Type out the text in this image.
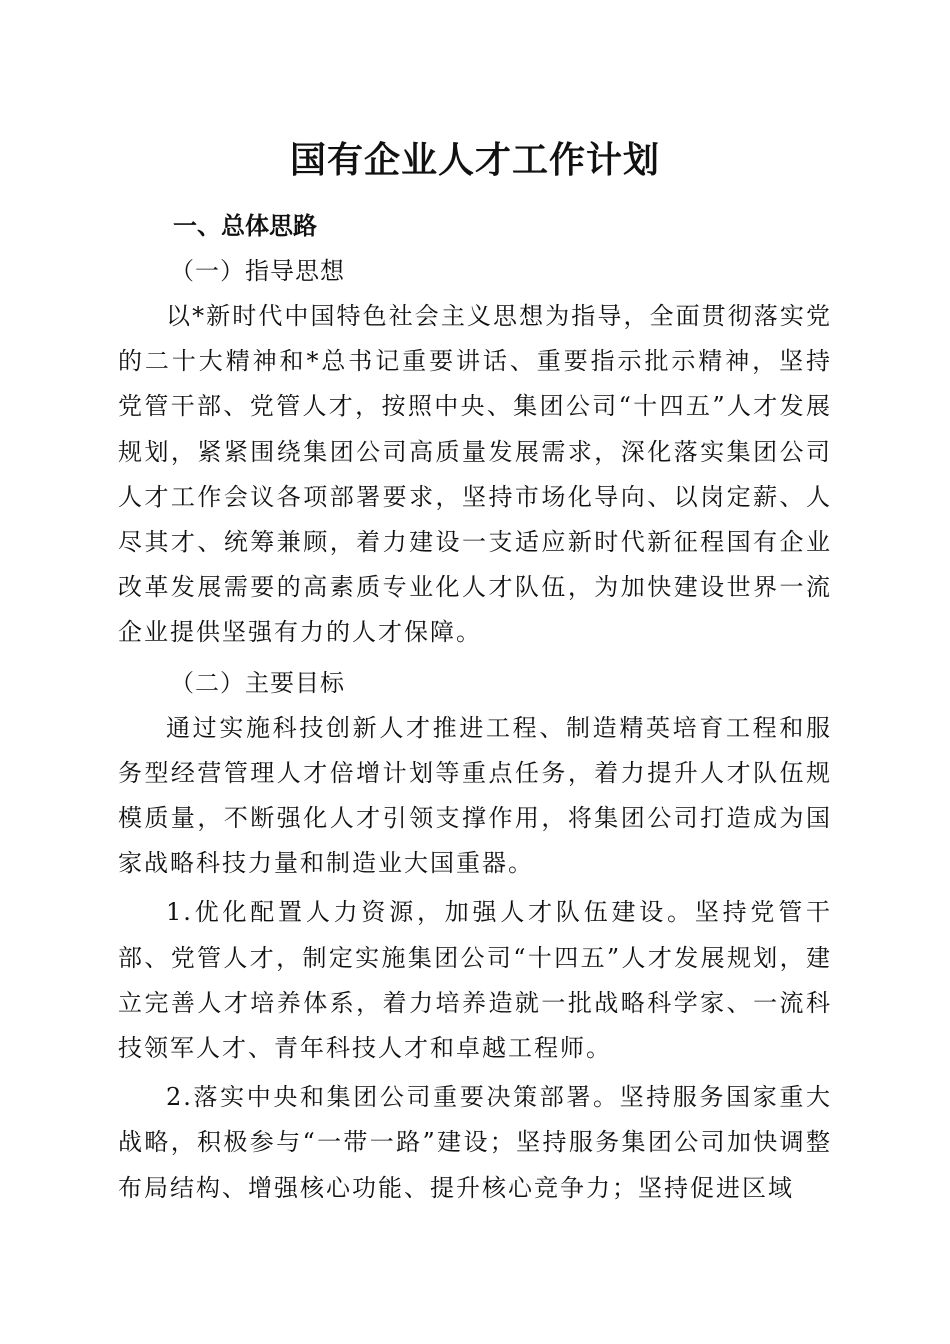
国有企业人才工作计划

一、总体思路

（一）指导思想

以*新时代中国特色社会主义思想为指导，全面贯彻落实党的二十大精神和*总书记重要讲话、重要指示批示精神，坚持党管干部、党管人才，按照中央、集团公司“十四五”人才发展规划，紧紧围绕集团公司高质量发展需求，深化落实集团公司人才工作会议各项部署要求，坚持市场化导向、以岗定薪、人尽其才、统筹兼顾，着力建设一支适应新时代新征程国有企业改革发展需要的高素质专业化人才队伍，为加快建设世界一流企业提供坚强有力的人才保障。

（二）主要目标

通过实施科技创新人才推进工程、制造精英培育工程和服务型经营管理人才倍增计划等重点任务，着力提升人才队伍规模质量，不断强化人才引领支撑作用，将集团公司打造成为国家战略科技力量和制造业大国重器。

1.优化配置人力资源，加强人才队伍建设。坚持党管干部、党管人才，制定实施集团公司“十四五”人才发展规划，建立完善人才培养体系，着力培养造就一批战略科学家、一流科技领军人才、青年科技人才和卓越工程师。

2.落实中央和集团公司重要决策部署。坚持服务国家重大战略，积极参与“一带一路”建设；坚持服务集团公司加快调整布局结构、增强核心功能、提升核心竞争力；坚持促进区域
